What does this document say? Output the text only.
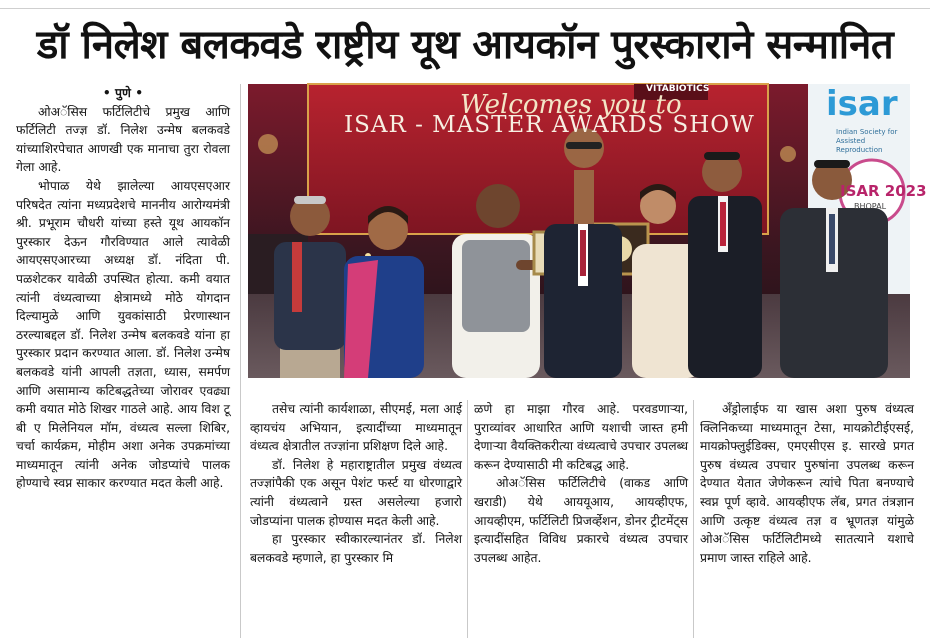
डॉ निलेश बलकवडे राष्ट्रीय यूथ आयकॉन पुरस्काराने सन्मानित

• पुणे •

ओअॅसिस फर्टिलिटीचे प्रमुख आणि फर्टिलिटी तज्ज्ञ डॉ. निलेश उन्मेष बलकवडे यांच्याशिरपेचात आणखी एक मानाचा तुरा रोवला गेला आहे.

भोपाळ येथे झालेल्या आयएसएआर परिषदेत त्यांना मध्यप्रदेशचे माननीय आरोग्यमंत्री श्री. प्रभूराम चौधरी यांच्या हस्ते यूथ आयकॉन पुरस्कार देऊन गौरविण्यात आले त्यावेळी आयएसएआरच्या अध्यक्ष डॉ. नंदिता पी. पळशेटकर यावेळी उपस्थित होत्या. कमी वयात त्यांनी वंध्यत्वाच्या क्षेत्रामध्ये मोठे योगदान दिल्यामुळे आणि युवकांसाठी प्रेरणास्थान ठरल्याबद्दल डॉ. निलेश उन्मेष बलकवडे यांना हा पुरस्कार प्रदान करण्यात आला. डॉ. निलेश उन्मेष बलकवडे यांनी आपली तज्ञता, ध्यास, समर्पण आणि असामान्य कटिबद्धतेच्या जोरावर एवढ्या कमी वयात मोठे शिखर गाठले आहे. आय विश टू बी ए मिलेनियल मॉम, वंध्यत्व सल्ला शिबिर, चर्चा कार्यक्रम, मोहीम अशा अनेक उपक्रमांच्या माध्यमातून त्यांनी अनेक जोडप्यांचे पालक होण्याचे स्वप्न साकार करण्यात मदत केली आहे.

VITABIOTICS
Welcomes you to
ISAR - MASTER AWARDS SHOW
isar
Indian Society for Assisted Reproduction
ISAR 2023
BHOPAL

तसेच त्यांनी कार्यशाळा, सीएमई, मला आई व्हायचंय अभियान, इत्यादींच्या माध्यमातून वंध्यत्व क्षेत्रातील तज्ज्ञांना प्रशिक्षण दिले आहे.

डॉ. निलेश हे महाराष्ट्रातील प्रमुख वंध्यत्व तज्ज्ञांपैकी एक असून पेशंट फर्स्ट या धोरणाद्वारे त्यांनी वंध्यत्वाने ग्रस्त असलेल्या हजारो जोडप्यांना पालक होण्यास मदत केली आहे.

हा पुरस्कार स्वीकारल्यानंतर डॉ. निलेश बलकवडे म्हणाले, हा पुरस्कार मि

ळणे हा माझा गौरव आहे. परवडणाऱ्या, पुराव्यांवर आधारित आणि यशाची जास्त हमी देणाऱ्या वैयक्तिकरीत्या वंध्यत्वाचे उपचार उपलब्ध करून देण्यासाठी मी कटिबद्ध आहे.

ओअॅसिस फर्टिलिटीचे (वाकड आणि खराडी) येथे आययूआय, आयव्हीएफ, आयव्हीएम, फर्टिलिटी प्रिजर्व्हेशन, डोनर ट्रीटमेंट्स इत्यादींसहित विविध प्रकारचे वंध्यत्व उपचार उपलब्ध आहेत.

अँड्रोलाईफ या खास अशा पुरुष वंध्यत्व क्लिनिकच्या माध्यमातून टेसा, मायक्रोटीईएसई, मायक्रोफ्लुईडिक्स, एमएसीएस इ. सारखे प्रगत पुरुष वंध्यत्व उपचार पुरुषांना उपलब्ध करून देण्यात येतात जेणेकरून त्यांचे पिता बनण्याचे स्वप्न पूर्ण व्हावे. आयव्हीएफ लॅब, प्रगत तंत्रज्ञान आणि उत्कृष्ट वंध्यत्व तज्ञ व भ्रूणतज्ञ यांमुळे ओअॅसिस फर्टिलिटीमध्ये सातत्याने यशाचे प्रमाण जास्त राहिले आहे.
